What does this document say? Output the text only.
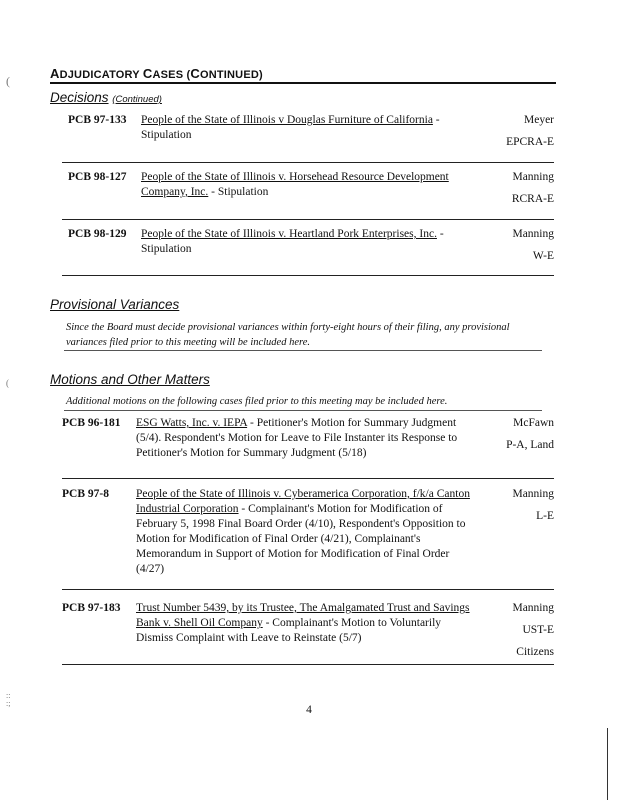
ADJUDICATORY CASES (CONTINUED)
Decisions (Continued)
PCB 97-133 People of the State of Illinois v Douglas Furniture of California - Stipulation
Meyer
EPCRA-E
PCB 98-127 People of the State of Illinois v. Horsehead Resource Development Company, Inc. - Stipulation
Manning
RCRA-E
PCB 98-129 People of the State of Illinois v. Heartland Pork Enterprises, Inc. - Stipulation
Manning
W-E
Provisional Variances
Since the Board must decide provisional variances within forty-eight hours of their filing, any provisional variances filed prior to this meeting will be included here.
Motions and Other Matters
Additional motions on the following cases filed prior to this meeting may be included here.
PCB 96-181 ESG Watts, Inc. v. IEPA - Petitioner's Motion for Summary Judgment (5/4). Respondent's Motion for Leave to File Instanter its Response to Petitioner's Motion for Summary Judgment (5/18)
McFawn
P-A, Land
PCB 97-8 People of the State of Illinois v. Cyberamerica Corporation, f/k/a Canton Industrial Corporation - Complainant's Motion for Modification of February 5, 1998 Final Board Order (4/10), Respondent's Opposition to Motion for Modification of Final Order (4/21), Complainant's Memorandum in Support of Motion for Modification of Final Order (4/27)
Manning
L-E
PCB 97-183 Trust Number 5439, by its Trustee, The Amalgamated Trust and Savings Bank v. Shell Oil Company - Complainant's Motion to Voluntarily Dismiss Complaint with Leave to Reinstate (5/7)
Manning
UST-E
Citizens
4
(
(
::
:;
